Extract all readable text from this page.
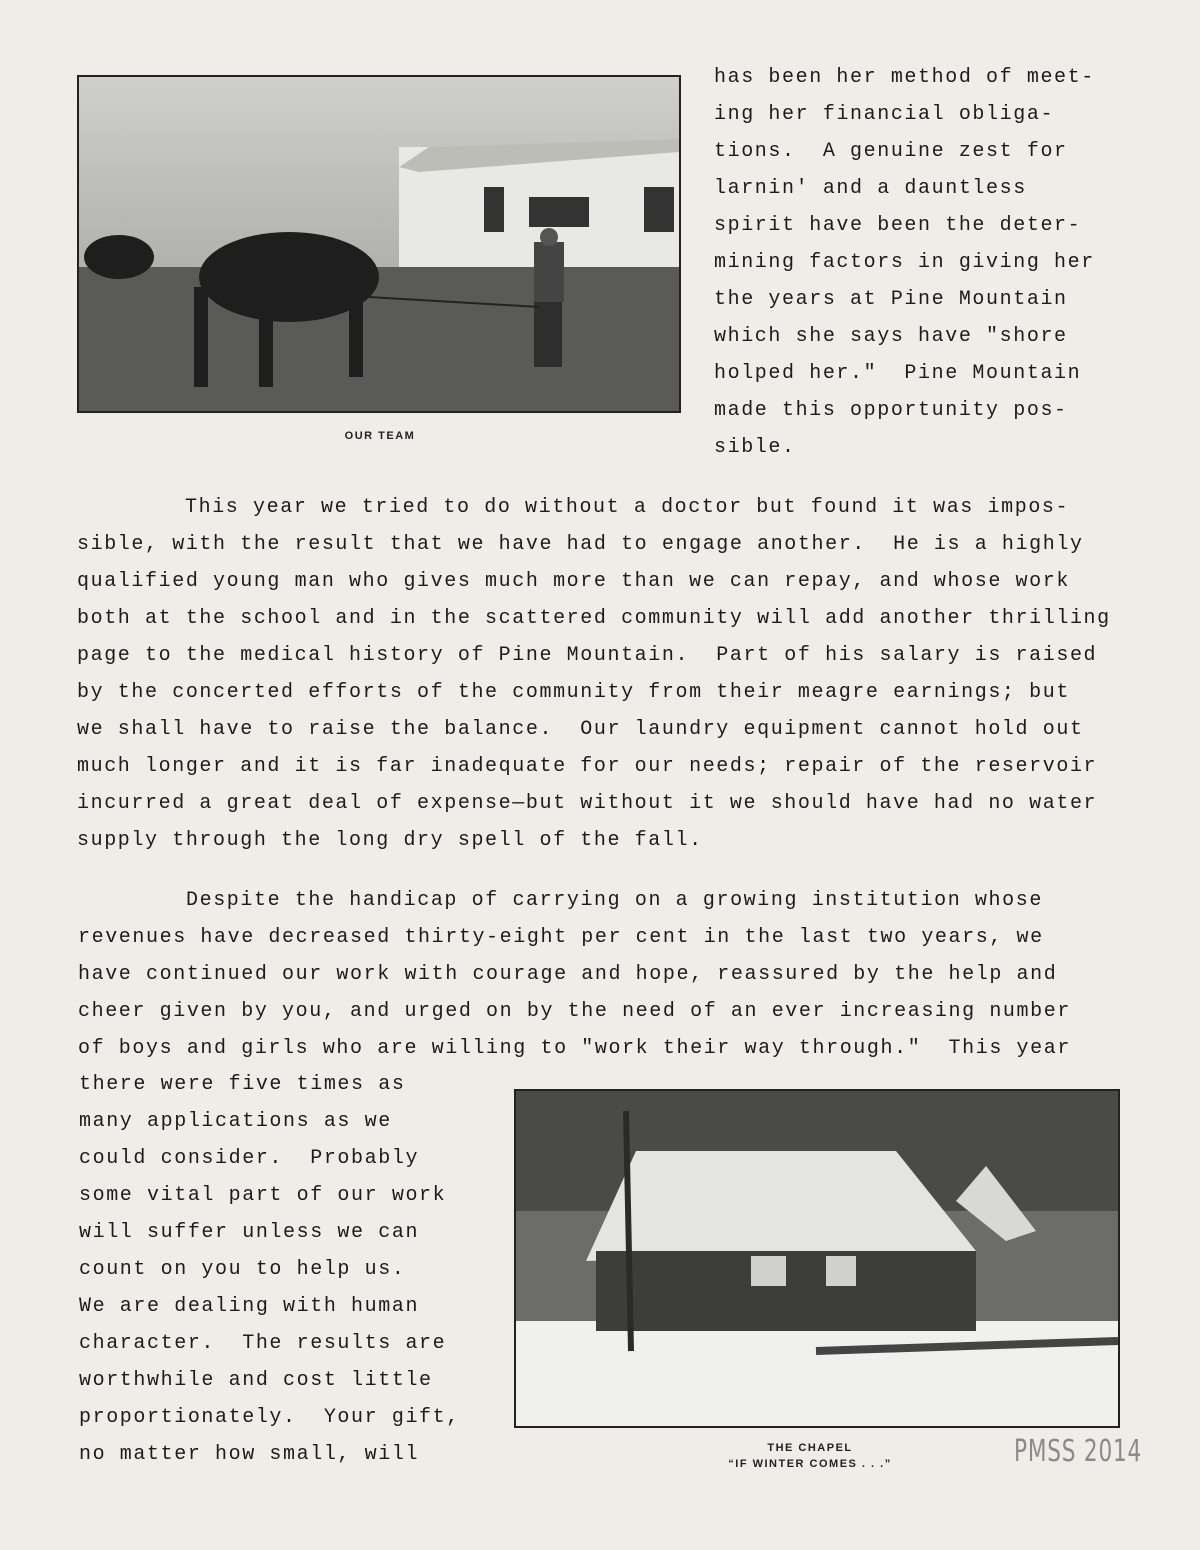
OUR TEAM
has been her method of meet-
ing her financial obliga-
tions.  A genuine zest for
larnin' and a dauntless
spirit have been the deter-
mining factors in giving her
the years at Pine Mountain
which she says have "shore
holped her."  Pine Mountain
made this opportunity pos-
sible.
This year we tried to do without a doctor but found it was impos-
sible, with the result that we have had to engage another.  He is a highly
qualified young man who gives much more than we can repay, and whose work
both at the school and in the scattered community will add another thrilling
page to the medical history of Pine Mountain.  Part of his salary is raised
by the concerted efforts of the community from their meagre earnings; but
we shall have to raise the balance.  Our laundry equipment cannot hold out
much longer and it is far inadequate for our needs; repair of the reservoir
incurred a great deal of expense—but without it we should have had no water
supply through the long dry spell of the fall.
Despite the handicap of carrying on a growing institution whose
revenues have decreased thirty-eight per cent in the last two years, we
have continued our work with courage and hope, reassured by the help and
cheer given by you, and urged on by the need of an ever increasing number
of boys and girls who are willing to "work their way through."  This year
there were five times as
many applications as we
could consider.  Probably
some vital part of our work
will suffer unless we can
count on you to help us.
We are dealing with human
character.  The results are
worthwhile and cost little
proportionately.  Your gift,
no matter how small, will	THE CHAPEL
“IF WINTER COMES . . .”	PMSS 2014
